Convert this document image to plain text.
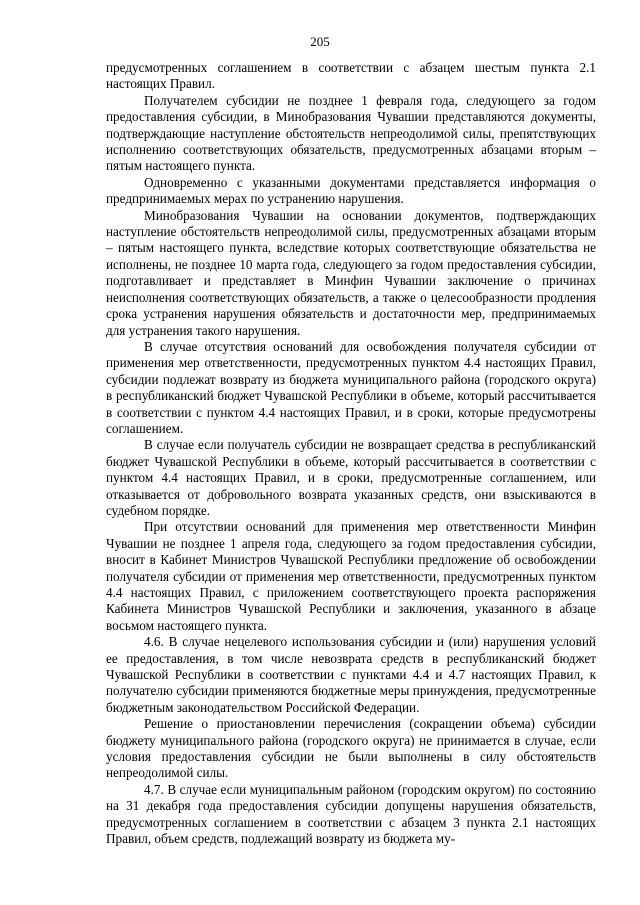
205

предусмотренных соглашением в соответствии с абзацем шестым пункта 2.1 настоящих Правил.

Получателем субсидии не позднее 1 февраля года, следующего за годом предоставления субсидии, в Минобразования Чувашии представляются документы, подтверждающие наступление обстоятельств непреодолимой силы, препятствующих исполнению соответствующих обязательств, предусмотренных абзацами вторым – пятым настоящего пункта.

Одновременно с указанными документами представляется информация о предпринимаемых мерах по устранению нарушения.

Минобразования Чувашии на основании документов, подтверждающих наступление обстоятельств непреодолимой силы, предусмотренных абзацами вторым – пятым настоящего пункта, вследствие которых соответствующие обязательства не исполнены, не позднее 10 марта года, следующего за годом предоставления субсидии, подготавливает и представляет в Минфин Чувашии заключение о причинах неисполнения соответствующих обязательств, а также о целесообразности продления срока устранения нарушения обязательств и достаточности мер, предпринимаемых для устранения такого нарушения.

В случае отсутствия оснований для освобождения получателя субсидии от применения мер ответственности, предусмотренных пунктом 4.4 настоящих Правил, субсидии подлежат возврату из бюджета муниципального района (городского округа) в республиканский бюджет Чувашской Республики в объеме, который рассчитывается в соответствии с пунктом 4.4 настоящих Правил, и в сроки, которые предусмотрены соглашением.

В случае если получатель субсидии не возвращает средства в республиканский бюджет Чувашской Республики в объеме, который рассчитывается в соответствии с пунктом 4.4 настоящих Правил, и в сроки, предусмотренные соглашением, или отказывается от добровольного возврата указанных средств, они взыскиваются в судебном порядке.

При отсутствии оснований для применения мер ответственности Минфин Чувашии не позднее 1 апреля года, следующего за годом предоставления субсидии, вносит в Кабинет Министров Чувашской Республики предложение об освобождении получателя субсидии от применения мер ответственности, предусмотренных пунктом 4.4 настоящих Правил, с приложением соответствующего проекта распоряжения Кабинета Министров Чувашской Республики и заключения, указанного в абзаце восьмом настоящего пункта.

4.6. В случае нецелевого использования субсидии и (или) нарушения условий ее предоставления, в том числе невозврата средств в республиканский бюджет Чувашской Республики в соответствии с пунктами 4.4 и 4.7 настоящих Правил, к получателю субсидии применяются бюджетные меры принуждения, предусмотренные бюджетным законодательством Российской Федерации.

Решение о приостановлении перечисления (сокращении объема) субсидии бюджету муниципального района (городского округа) не принимается в случае, если условия предоставления субсидии не были выполнены в силу обстоятельств непреодолимой силы.

4.7. В случае если муниципальным районом (городским округом) по состоянию на 31 декабря года предоставления субсидии допущены нарушения обязательств, предусмотренных соглашением в соответствии с абзацем 3 пункта 2.1 настоящих Правил, объем средств, подлежащий возврату из бюджета му-
